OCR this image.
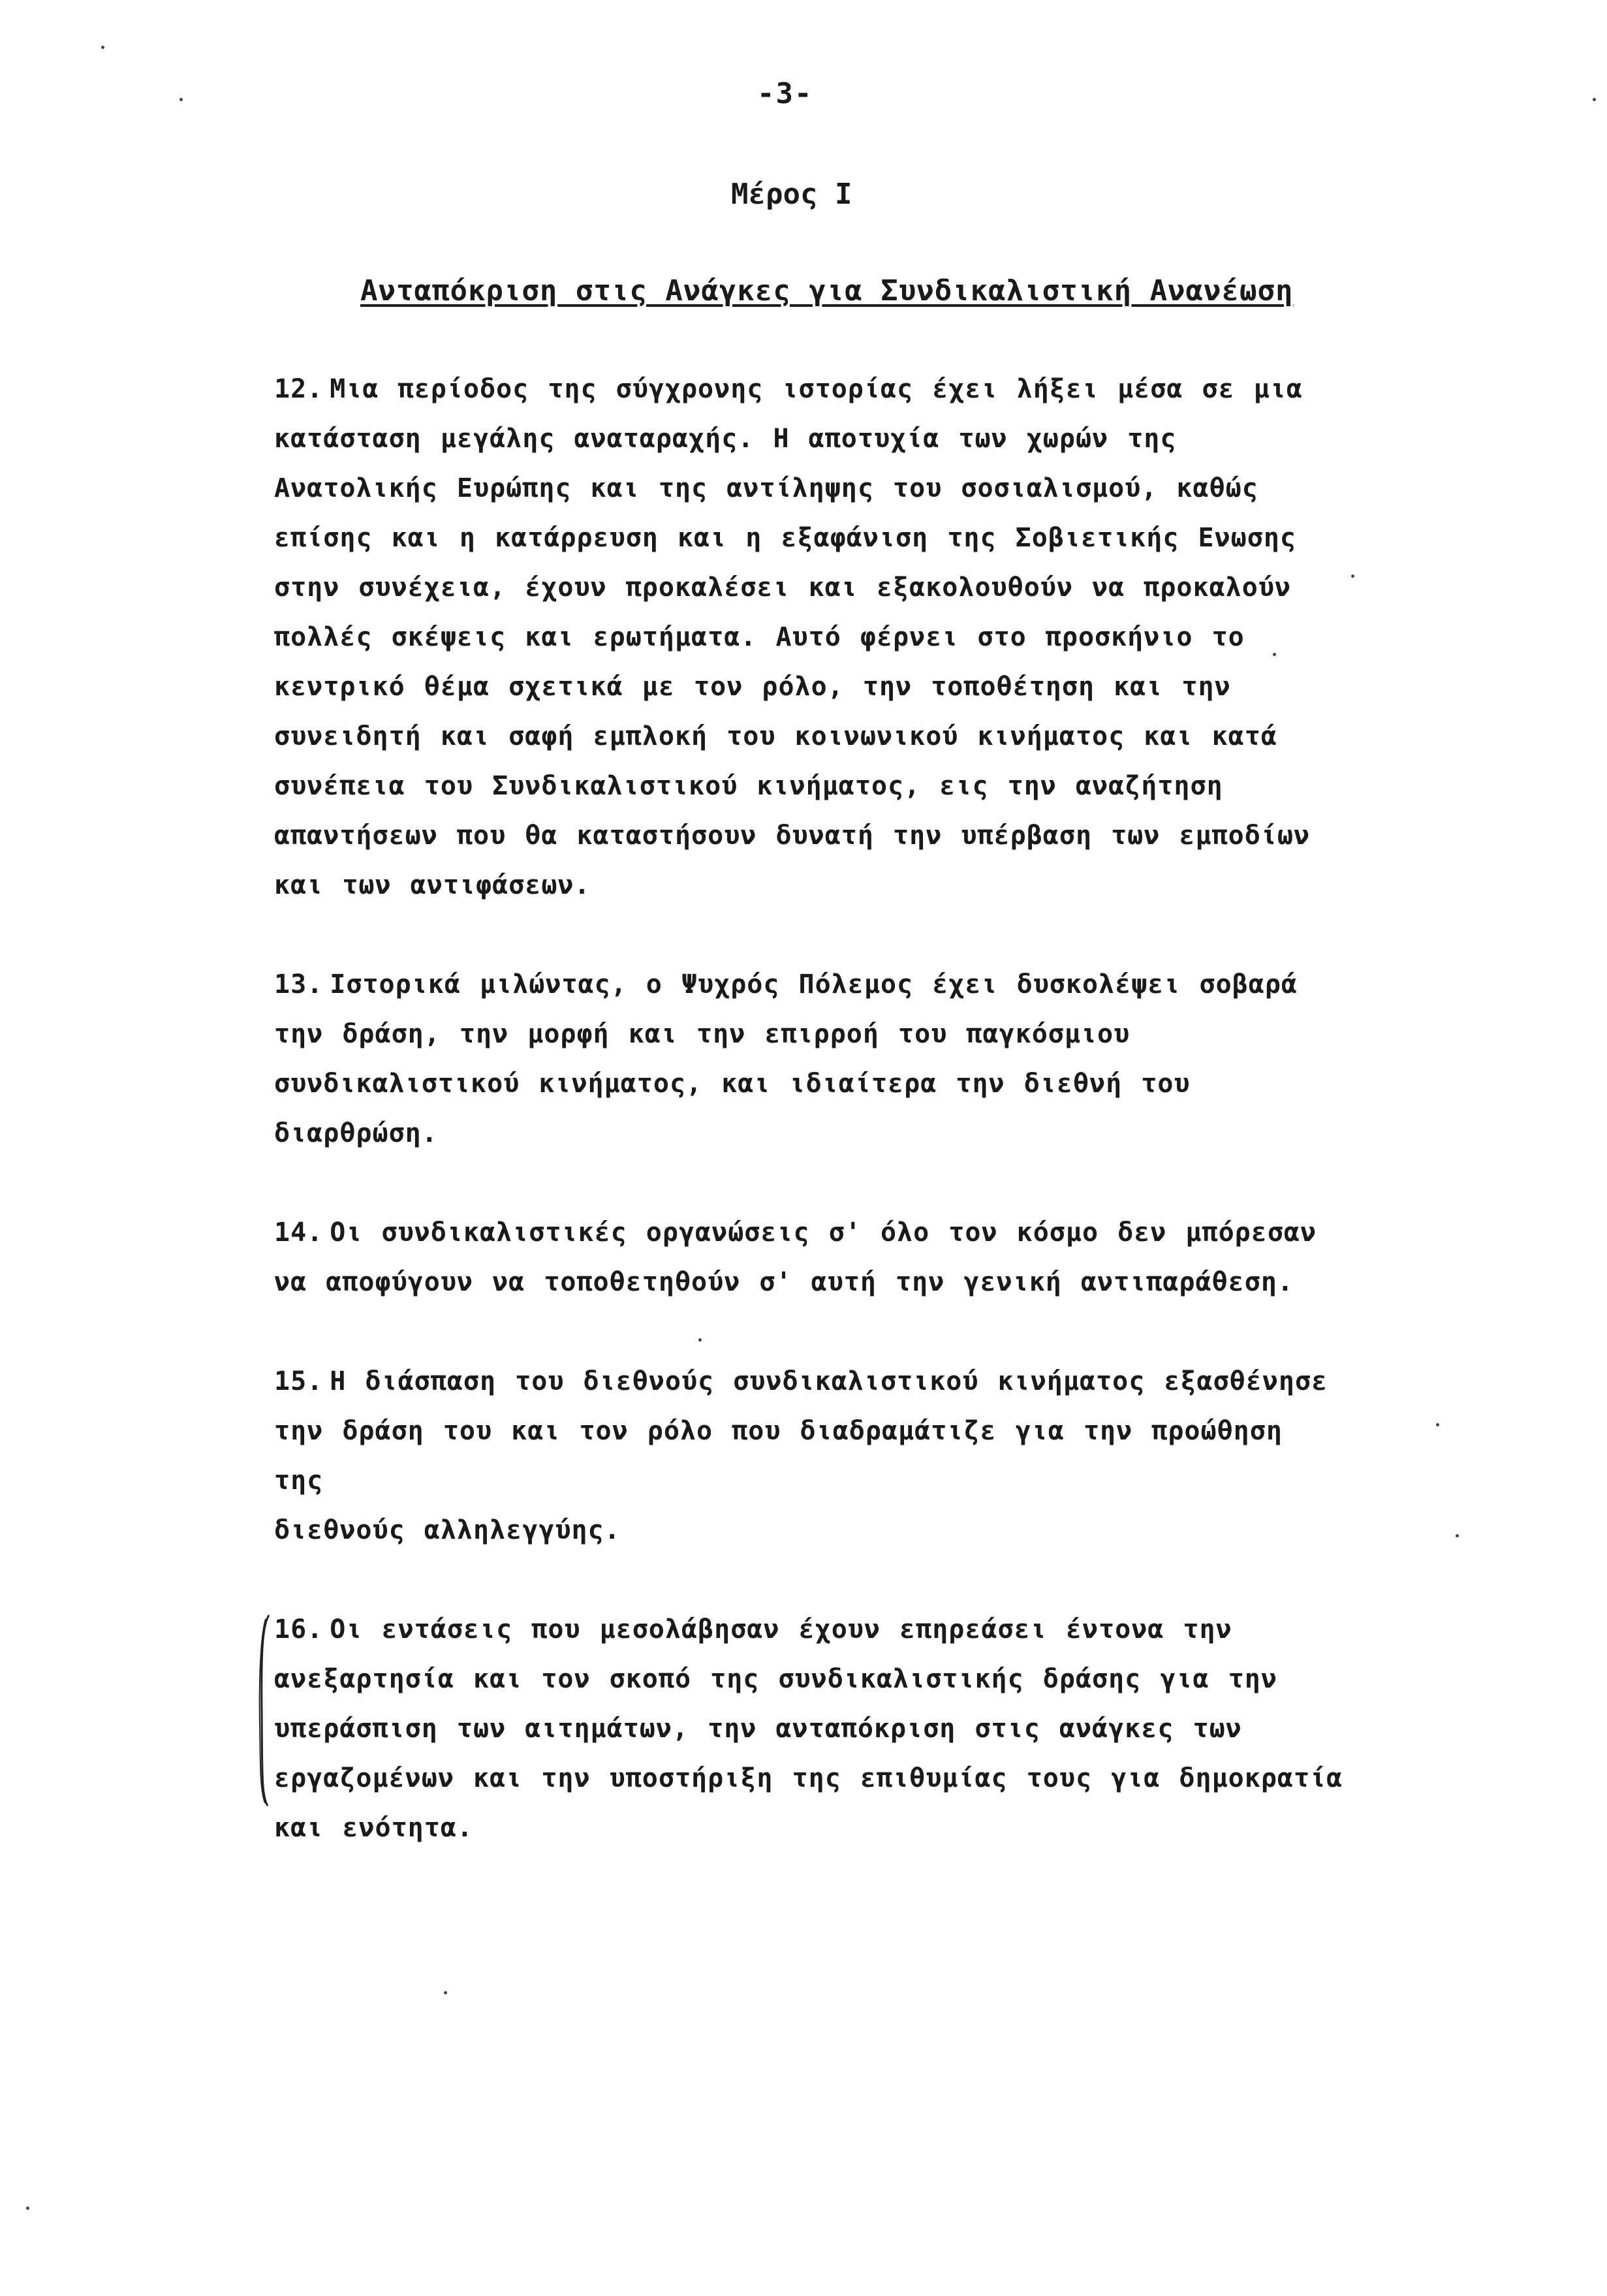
-3-
Μέρος Ι
Ανταπόκριση στις Ανάγκες για Συνδικαλιστική Ανανέωση

12. Μια περίοδος της σύγχρονης ιστορίας έχει λήξει μέσα σε μια
κατάσταση μεγάλης αναταραχής. Η αποτυχία των χωρών της
Ανατολικής Ευρώπης και της αντίληψης του σοσιαλισμού, καθώς
επίσης και η κατάρρευση και η εξαφάνιση της Σοβιετικής Ενωσης
στην συνέχεια, έχουν προκαλέσει και εξακολουθούν να προκαλούν
πολλές σκέψεις και ερωτήματα. Αυτό φέρνει στο προσκήνιο το
κεντρικό θέμα σχετικά με τον ρόλο, την τοποθέτηση και την
συνειδητή και σαφή εμπλοκή του κοινωνικού κινήματος και κατά
συνέπεια του Συνδικαλιστικού κινήματος, εις την αναζήτηση
απαντήσεων που θα καταστήσουν δυνατή την υπέρβαση των εμποδίων
και των αντιφάσεων.

13. Ιστορικά μιλώντας, ο Ψυχρός Πόλεμος έχει δυσκολέψει σοβαρά
την δράση, την μορφή και την επιρροή του παγκόσμιου
συνδικαλιστικού κινήματος, και ιδιαίτερα την διεθνή του
διαρθρώση.

14. Οι συνδικαλιστικές οργανώσεις σ' όλο τον κόσμο δεν μπόρεσαν
να αποφύγουν να τοποθετηθούν σ' αυτή την γενική αντιπαράθεση.

15. Η διάσπαση του διεθνούς συνδικαλιστικού κινήματος εξασθένησε
την δράση του και τον ρόλο που διαδραμάτιζε για την προώθηση της
διεθνούς αλληλεγγύης.

16. Οι εντάσεις που μεσολάβησαν έχουν επηρεάσει έντονα την
ανεξαρτησία και τον σκοπό της συνδικαλιστικής δράσης για την
υπεράσπιση των αιτημάτων, την ανταπόκριση στις ανάγκες των
εργαζομένων και την υποστήριξη της επιθυμίας τους για δημοκρατία
και ενότητα.
